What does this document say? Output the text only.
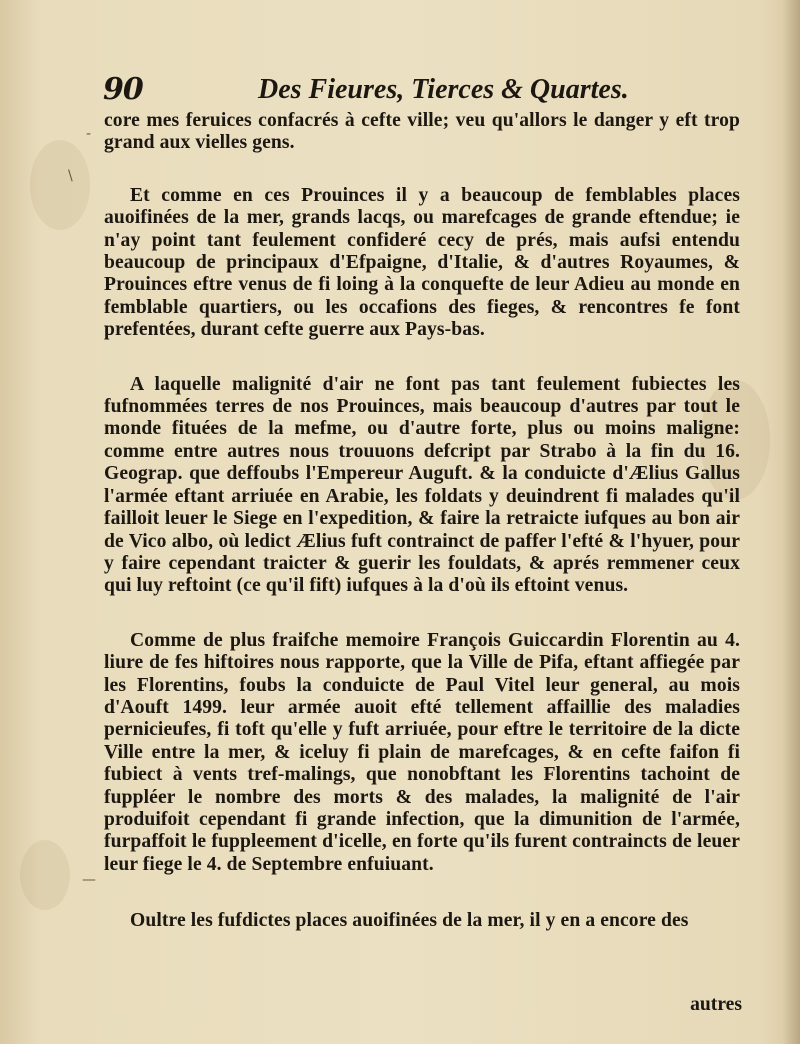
-
\
—
90	Des Fieures, Tierces & Quartes.

core mes feruices confacrés à cefte ville; veu qu'allors le danger y eft trop grand aux vielles gens.

Et comme en ces Prouinces il y a beaucoup de femblables places auoifinées de la mer, grands lacqs, ou marefcages de grande eftendue; ie n'ay point tant feulement confideré cecy de prés, mais aufsi entendu beaucoup de principaux d'Efpaigne, d'Italie, & d'autres Royaumes, & Prouinces eftre venus de fi loing à la conquefte de leur Adieu au monde en femblable quartiers, ou les occafions des fieges, & rencontres fe font prefentées, durant cefte guerre aux Pays-bas.

A laquelle malignité d'air ne font pas tant feulement fubiectes les fufnommées terres de nos Prouinces, mais beaucoup d'autres par tout le monde fituées de la mefme, ou d'autre forte, plus ou moins maligne: comme entre autres nous trouuons defcript par Strabo à la fin du 16. Geograp. que deffoubs l'Empereur Auguft. & la conduicte d'Ælius Gallus l'armée eftant arriuée en Arabie, les foldats y deuindrent fi malades qu'il failloit leuer le Siege en l'expedition, & faire la retraicte iufques au bon air de Vico albo, où ledict Ælius fuft contrainct de paffer l'efté & l'hyuer, pour y faire cependant traicter & guerir les fouldats, & aprés remmener ceux qui luy reftoint (ce qu'il fift) iufques à la d'où ils eftoint venus.

Comme de plus fraifche memoire François Guiccardin Florentin au 4. liure de fes hiftoires nous rapporte, que la Ville de Pifa, eftant affiegée par les Florentins, foubs la conduicte de Paul Vitel leur general, au mois d'Aouft 1499. leur armée auoit efté tellement affaillie des maladies pernicieufes, fi toft qu'elle y fuft arriuée, pour eftre le territoire de la dicte Ville entre la mer, & iceluy fi plain de marefcages, & en cefte faifon fi fubiect à vents tref-malings, que nonobftant les Florentins tachoint de fuppléer le nombre des morts & des malades, la malignité de l'air produifoit cependant fi grande infection, que la dimunition de l'armée, furpaffoit le fuppleement d'icelle, en forte qu'ils furent contraincts de leuer leur fiege le 4. de Septembre enfuiuant.

Oultre les fufdictes places auoifinées de la mer, il y en a encore des

autres
